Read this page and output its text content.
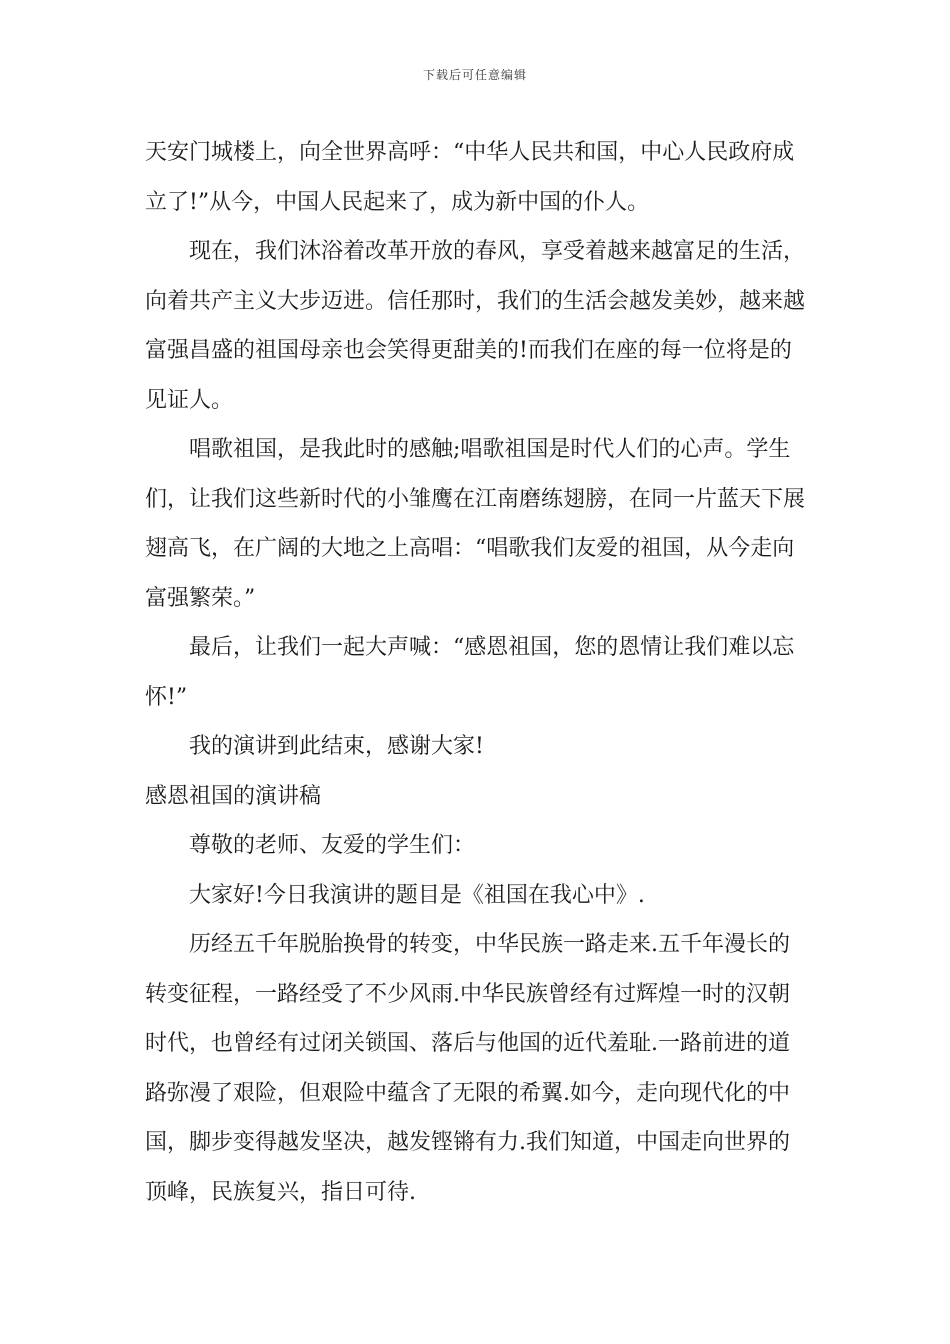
下载后可任意编辑

天安门城楼上，向全世界高呼：“中华人民共和国，中心人民政府成立了!”从今，中国人民起来了，成为新中国的仆人。

现在，我们沐浴着改革开放的春风，享受着越来越富足的生活，向着共产主义大步迈进。信任那时，我们的生活会越发美妙，越来越富强昌盛的祖国母亲也会笑得更甜美的!而我们在座的每一位将是的见证人。

唱歌祖国，是我此时的感触;唱歌祖国是时代人们的心声。学生们，让我们这些新时代的小雏鹰在江南磨练翅膀，在同一片蓝天下展翅高飞，在广阔的大地之上高唱：“唱歌我们友爱的祖国，从今走向富强繁荣。”

最后，让我们一起大声喊：“感恩祖国，您的恩情让我们难以忘怀!”

我的演讲到此结束，感谢大家!

感恩祖国的演讲稿

尊敬的老师、友爱的学生们：

大家好!今日我演讲的题目是《祖国在我心中》.

历经五千年脱胎换骨的转变，中华民族一路走来.五千年漫长的转变征程，一路经受了不少风雨.中华民族曾经有过辉煌一时的汉朝时代，也曾经有过闭关锁国、落后与他国的近代羞耻.一路前进的道路弥漫了艰险，但艰险中蕴含了无限的希翼.如今，走向现代化的中国，脚步变得越发坚决，越发铿锵有力.我们知道，中国走向世界的顶峰，民族复兴，指日可待.
